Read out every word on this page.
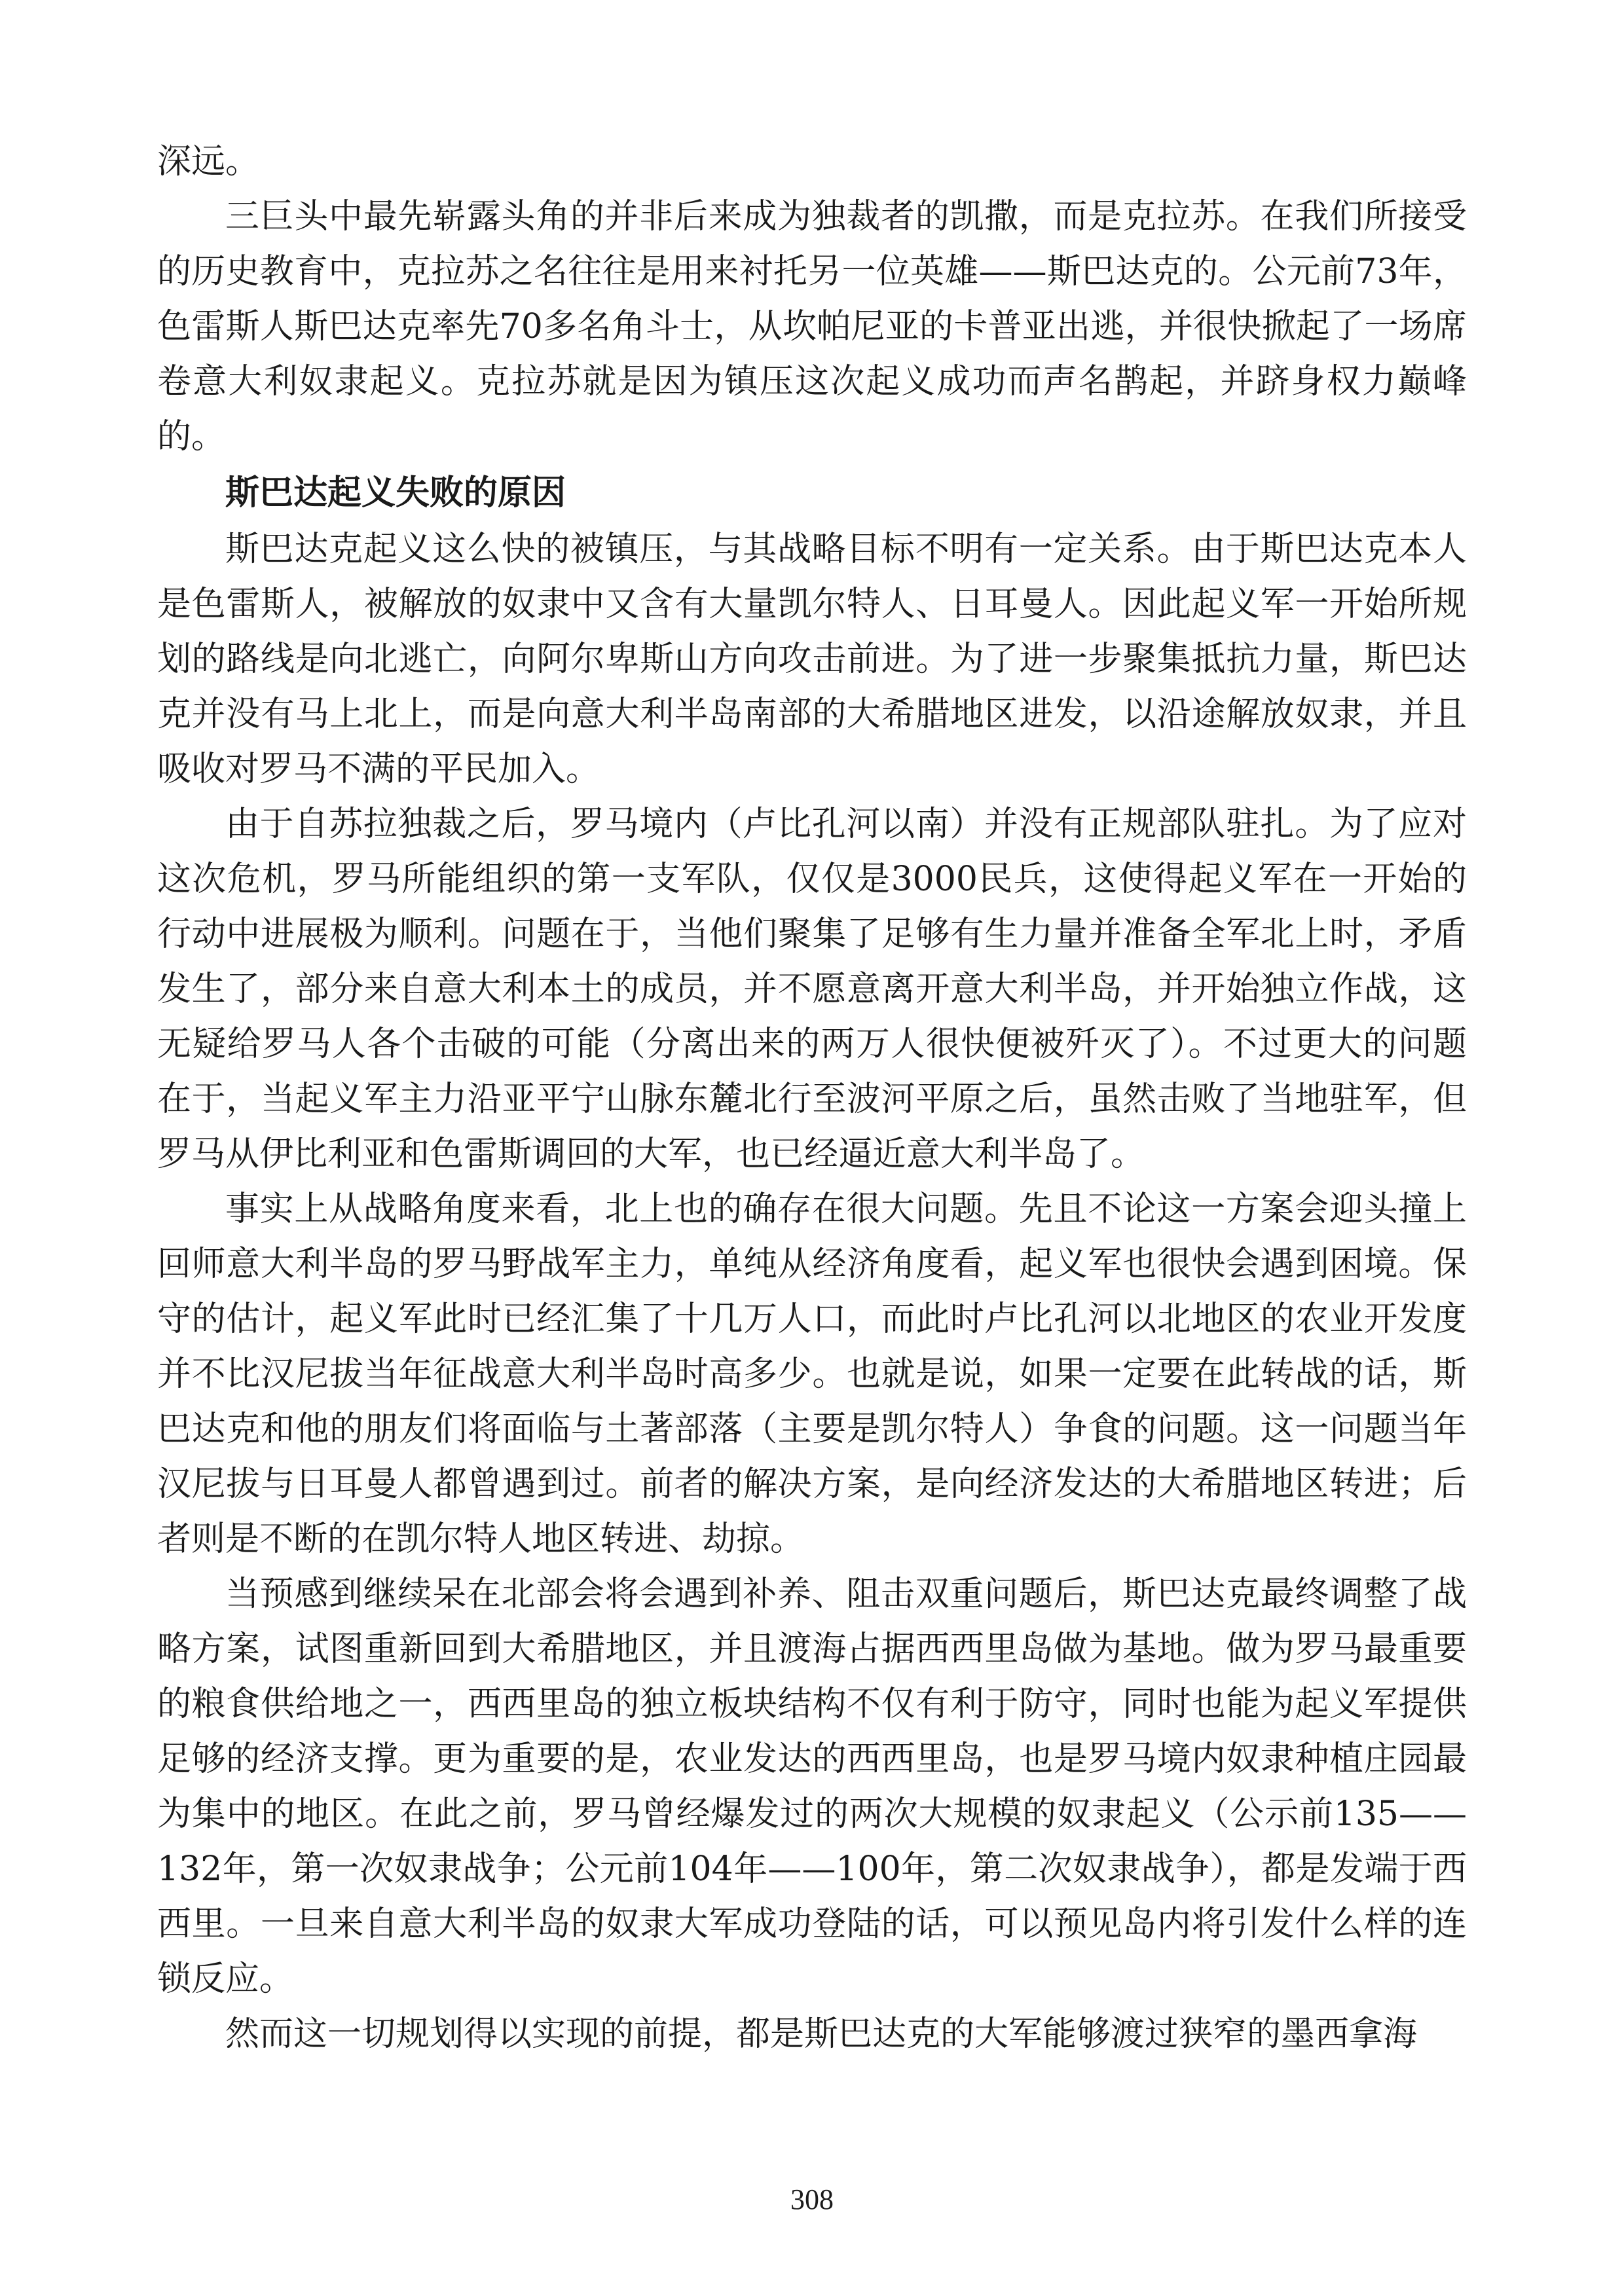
深远。

三巨头中最先崭露头角的并非后来成为独裁者的凯撒，而是克拉苏。在我们所接受的历史教育中，克拉苏之名往往是用来衬托另一位英雄——斯巴达克的。公元前73年，色雷斯人斯巴达克率先70多名角斗士，从坎帕尼亚的卡普亚出逃，并很快掀起了一场席卷意大利奴隶起义。克拉苏就是因为镇压这次起义成功而声名鹊起，并跻身权力巅峰的。

斯巴达起义失败的原因

斯巴达克起义这么快的被镇压，与其战略目标不明有一定关系。由于斯巴达克本人是色雷斯人，被解放的奴隶中又含有大量凯尔特人、日耳曼人。因此起义军一开始所规划的路线是向北逃亡，向阿尔卑斯山方向攻击前进。为了进一步聚集抵抗力量，斯巴达克并没有马上北上，而是向意大利半岛南部的大希腊地区进发，以沿途解放奴隶，并且吸收对罗马不满的平民加入。

由于自苏拉独裁之后，罗马境内（卢比孔河以南）并没有正规部队驻扎。为了应对这次危机，罗马所能组织的第一支军队，仅仅是3000民兵，这使得起义军在一开始的行动中进展极为顺利。问题在于，当他们聚集了足够有生力量并准备全军北上时，矛盾发生了，部分来自意大利本土的成员，并不愿意离开意大利半岛，并开始独立作战，这无疑给罗马人各个击破的可能（分离出来的两万人很快便被歼灭了）。不过更大的问题在于，当起义军主力沿亚平宁山脉东麓北行至波河平原之后，虽然击败了当地驻军，但罗马从伊比利亚和色雷斯调回的大军，也已经逼近意大利半岛了。

事实上从战略角度来看，北上也的确存在很大问题。先且不论这一方案会迎头撞上回师意大利半岛的罗马野战军主力，单纯从经济角度看，起义军也很快会遇到困境。保守的估计，起义军此时已经汇集了十几万人口，而此时卢比孔河以北地区的农业开发度并不比汉尼拔当年征战意大利半岛时高多少。也就是说，如果一定要在此转战的话，斯巴达克和他的朋友们将面临与土著部落（主要是凯尔特人）争食的问题。这一问题当年汉尼拔与日耳曼人都曾遇到过。前者的解决方案，是向经济发达的大希腊地区转进；后者则是不断的在凯尔特人地区转进、劫掠。

当预感到继续呆在北部会将会遇到补养、阻击双重问题后，斯巴达克最终调整了战略方案，试图重新回到大希腊地区，并且渡海占据西西里岛做为基地。做为罗马最重要的粮食供给地之一，西西里岛的独立板块结构不仅有利于防守，同时也能为起义军提供足够的经济支撑。更为重要的是，农业发达的西西里岛，也是罗马境内奴隶种植庄园最为集中的地区。在此之前，罗马曾经爆发过的两次大规模的奴隶起义（公示前135——132年，第一次奴隶战争；公元前104年——100年，第二次奴隶战争），都是发端于西西里。一旦来自意大利半岛的奴隶大军成功登陆的话，可以预见岛内将引发什么样的连锁反应。

然而这一切规划得以实现的前提，都是斯巴达克的大军能够渡过狭窄的墨西拿海

308
